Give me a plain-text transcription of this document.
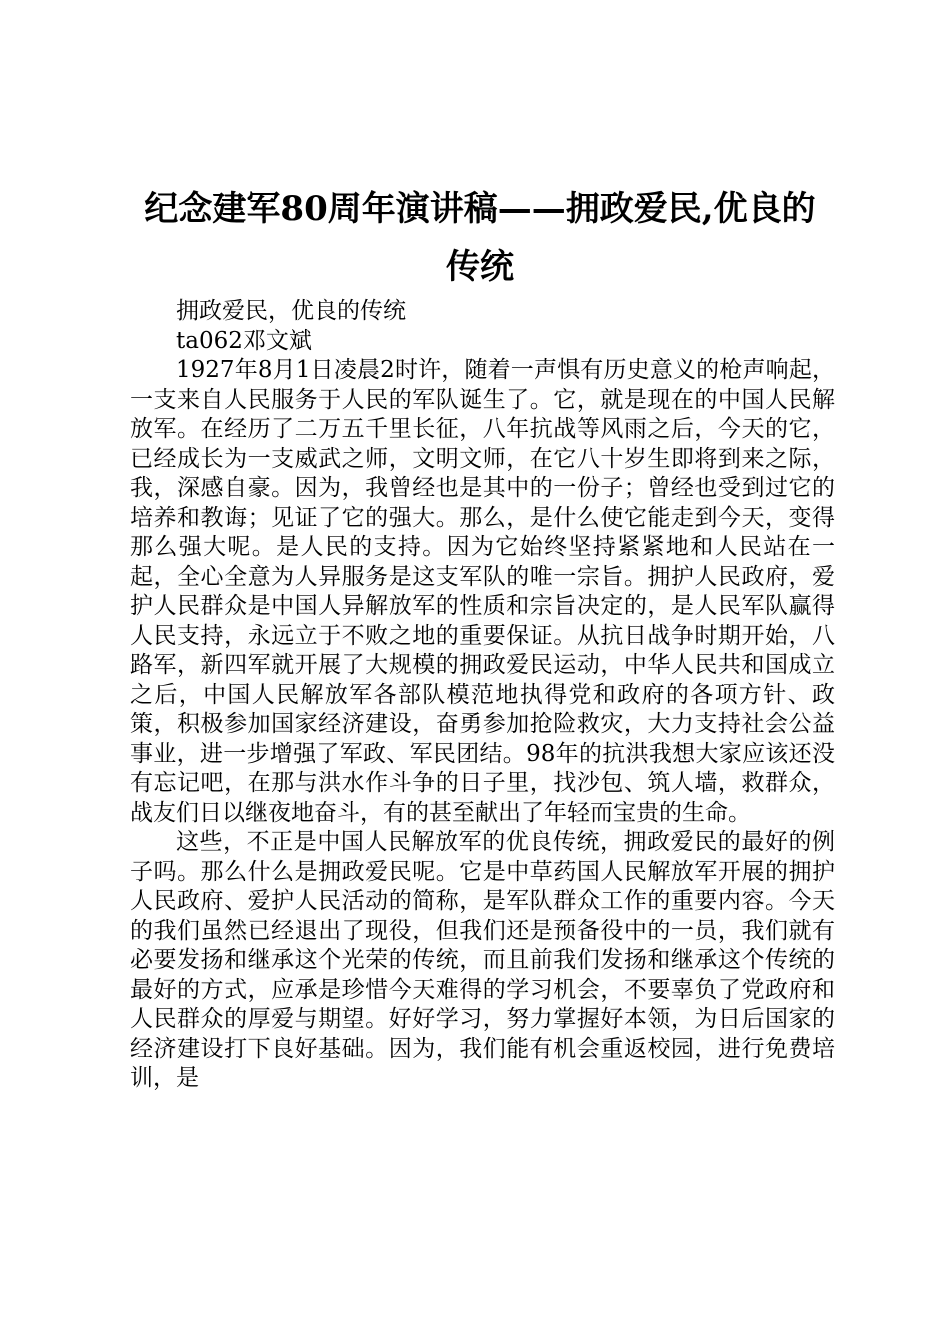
纪念建军80周年演讲稿——拥政爱民,优良的
传统

拥政爱民，优良的传统

ta062邓文斌

1927年8月1日凌晨2时许，随着一声惧有历史意义的枪声响起，一支来自人民服务于人民的军队诞生了。它，就是现在的中国人民解放军。在经历了二万五千里长征，八年抗战等风雨之后，今天的它，已经成长为一支威武之师，文明文师，在它八十岁生即将到来之际，我，深感自豪。因为，我曾经也是其中的一份子；曾经也受到过它的培养和教诲；见证了它的强大。那么，是什么使它能走到今天，变得那么强大呢。是人民的支持。因为它始终坚持紧紧地和人民站在一起，全心全意为人异服务是这支军队的唯一宗旨。拥护人民政府，爱护人民群众是中国人异解放军的性质和宗旨决定的，是人民军队赢得人民支持，永远立于不败之地的重要保证。从抗日战争时期开始，八路军，新四军就开展了大规模的拥政爱民运动，中华人民共和国成立之后，中国人民解放军各部队模范地执得党和政府的各项方针、政策，积极参加国家经济建设，奋勇参加抢险救灾，大力支持社会公益事业，进一步增强了军政、军民团结。98年的抗洪我想大家应该还没有忘记吧，在那与洪水作斗争的日子里，找沙包、筑人墙，救群众，战友们日以继夜地奋斗，有的甚至献出了年轻而宝贵的生命。

这些，不正是中国人民解放军的优良传统，拥政爱民的最好的例子吗。那么什么是拥政爱民呢。它是中草药国人民解放军开展的拥护人民政府、爱护人民活动的简称，是军队群众工作的重要内容。今天的我们虽然已经退出了现役，但我们还是预备役中的一员，我们就有必要发扬和继承这个光荣的传统，而且前我们发扬和继承这个传统的最好的方式，应承是珍惜今天难得的学习机会，不要辜负了党政府和人民群众的厚爱与期望。好好学习，努力掌握好本领，为日后国家的经济建设打下良好基础。因为，我们能有机会重返校园，进行免费培训，是
